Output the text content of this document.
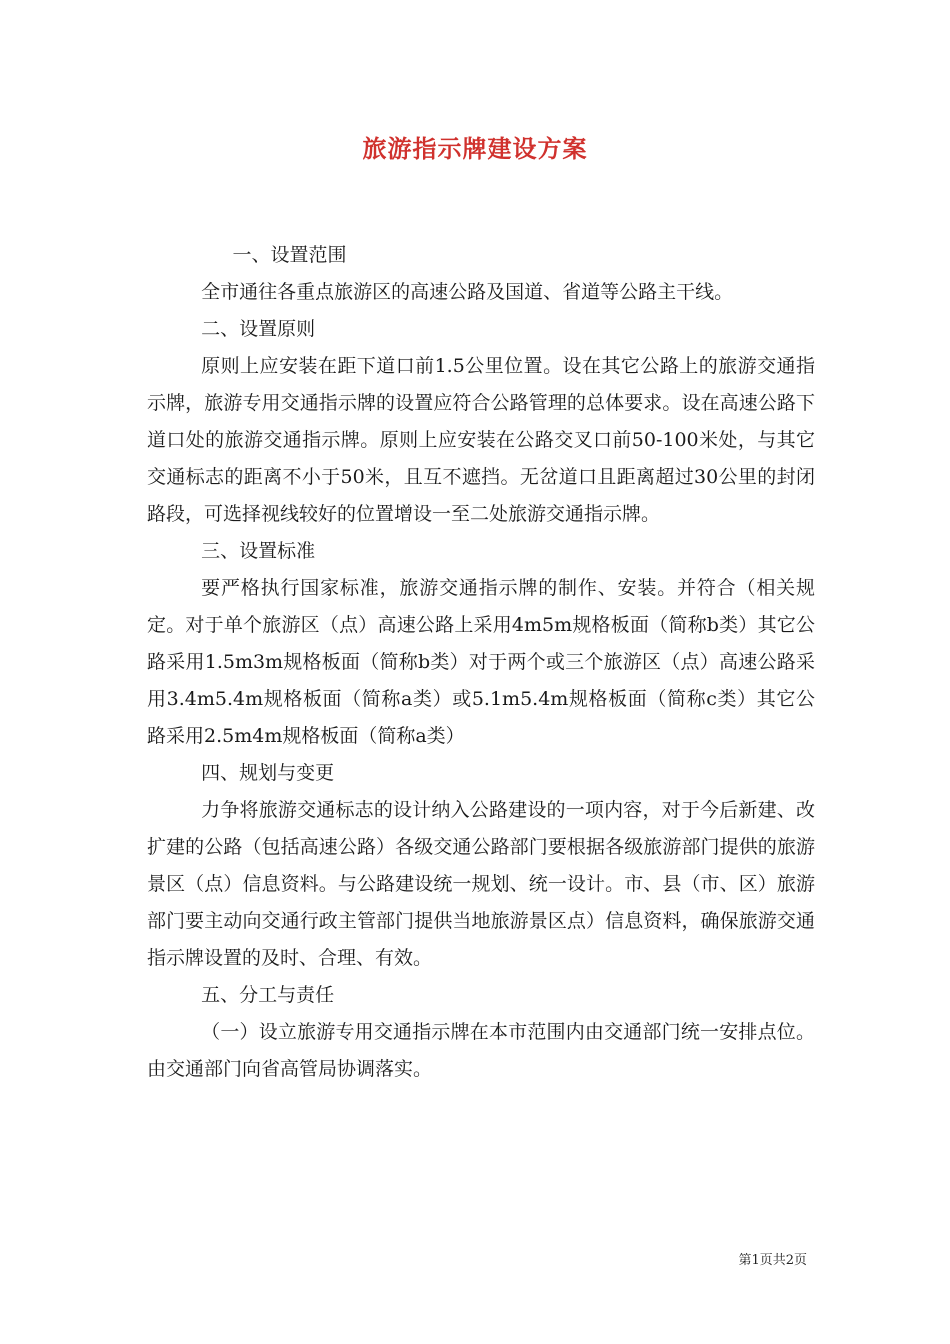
旅游指示牌建设方案

一、设置范围

全市通往各重点旅游区的高速公路及国道、省道等公路主干线。

二、设置原则

原则上应安装在距下道口前1.5公里位置。设在其它公路上的旅游交通指示牌，旅游专用交通指示牌的设置应符合公路管理的总体要求。设在高速公路下道口处的旅游交通指示牌。原则上应安装在公路交叉口前50-100米处，与其它交通标志的距离不小于50米，且互不遮挡。无岔道口且距离超过30公里的封闭路段，可选择视线较好的位置增设一至二处旅游交通指示牌。

三、设置标准

要严格执行国家标准，旅游交通指示牌的制作、安装。并符合（相关规定。对于单个旅游区（点）高速公路上采用4m5m规格板面（简称b类）其它公路采用1.5m3m规格板面（简称b类）对于两个或三个旅游区（点）高速公路采用3.4m5.4m规格板面（简称a类）或5.1m5.4m规格板面（简称c类）其它公路采用2.5m4m规格板面（简称a类）

四、规划与变更

力争将旅游交通标志的设计纳入公路建设的一项内容，对于今后新建、改扩建的公路（包括高速公路）各级交通公路部门要根据各级旅游部门提供的旅游景区（点）信息资料。与公路建设统一规划、统一设计。市、县（市、区）旅游部门要主动向交通行政主管部门提供当地旅游景区点）信息资料，确保旅游交通指示牌设置的及时、合理、有效。

五、分工与责任

（一）设立旅游专用交通指示牌在本市范围内由交通部门统一安排点位。由交通部门向省高管局协调落实。

第1页共2页
